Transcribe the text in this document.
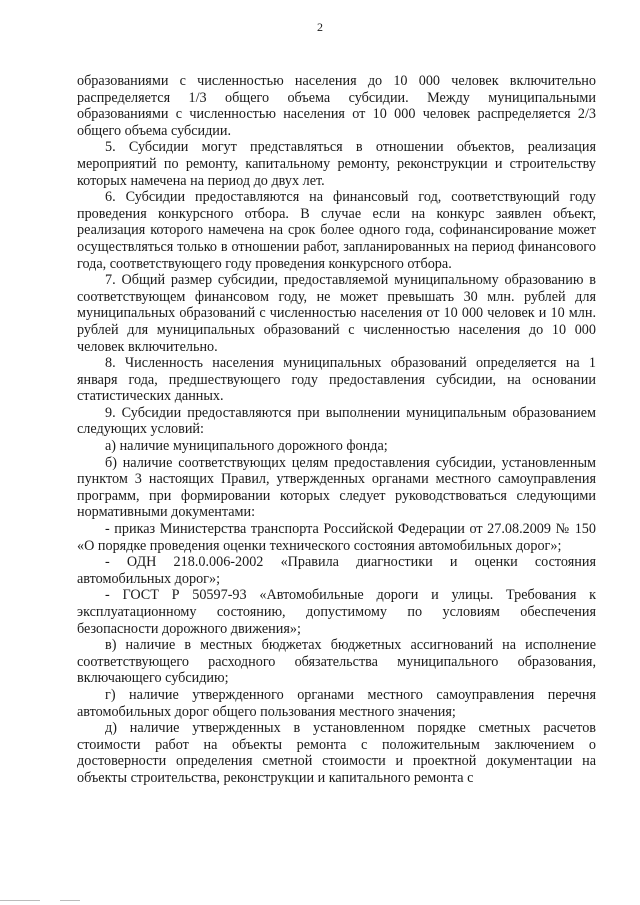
2

образованиями с численностью населения до 10 000 человек включительно распределяется 1/3 общего объема субсидии. Между муниципальными образованиями с численностью населения от 10 000 человек распределяется 2/3 общего объема субсидии.

5. Субсидии могут представляться в отношении объектов, реализация мероприятий по ремонту, капитальному ремонту, реконструкции и строительству которых намечена на период до двух лет.

6. Субсидии предоставляются на финансовый год, соответствующий году проведения конкурсного отбора. В случае если на конкурс заявлен объект, реализация которого намечена на срок более одного года, софинансирование может осуществляться только в отношении работ, запланированных на период финансового года, соответствующего году проведения конкурсного отбора.

7. Общий размер субсидии, предоставляемой муниципальному образованию в соответствующем финансовом году, не может превышать 30 млн. рублей для муниципальных образований с численностью населения от 10 000 человек и 10 млн. рублей для муниципальных образований с численностью населения до 10 000 человек включительно.

8. Численность населения муниципальных образований определяется на 1 января года, предшествующего году предоставления субсидии, на основании статистических данных.

9. Субсидии предоставляются при выполнении муниципальным образованием следующих условий:

а) наличие муниципального дорожного фонда;

б) наличие соответствующих целям предоставления субсидии, установленным пунктом 3 настоящих Правил, утвержденных органами местного самоуправления программ, при формировании которых следует руководствоваться следующими нормативными документами:

- приказ Министерства транспорта Российской Федерации от 27.08.2009 № 150 «О порядке проведения оценки технического состояния автомобильных дорог»;

- ОДН 218.0.006-2002 «Правила диагностики и оценки состояния автомобильных дорог»;

- ГОСТ Р 50597-93 «Автомобильные дороги и улицы. Требования к эксплуатационному состоянию, допустимому по условиям обеспечения безопасности дорожного движения»;

в) наличие в местных бюджетах бюджетных ассигнований на исполнение соответствующего расходного обязательства муниципального образования, включающего субсидию;

г) наличие утвержденного органами местного самоуправления перечня автомобильных дорог общего пользования местного значения;

д) наличие утвержденных в установленном порядке сметных расчетов стоимости работ на объекты ремонта с положительным заключением о достоверности определения сметной стоимости и проектной документации на объекты строительства, реконструкции и капитального ремонта с
